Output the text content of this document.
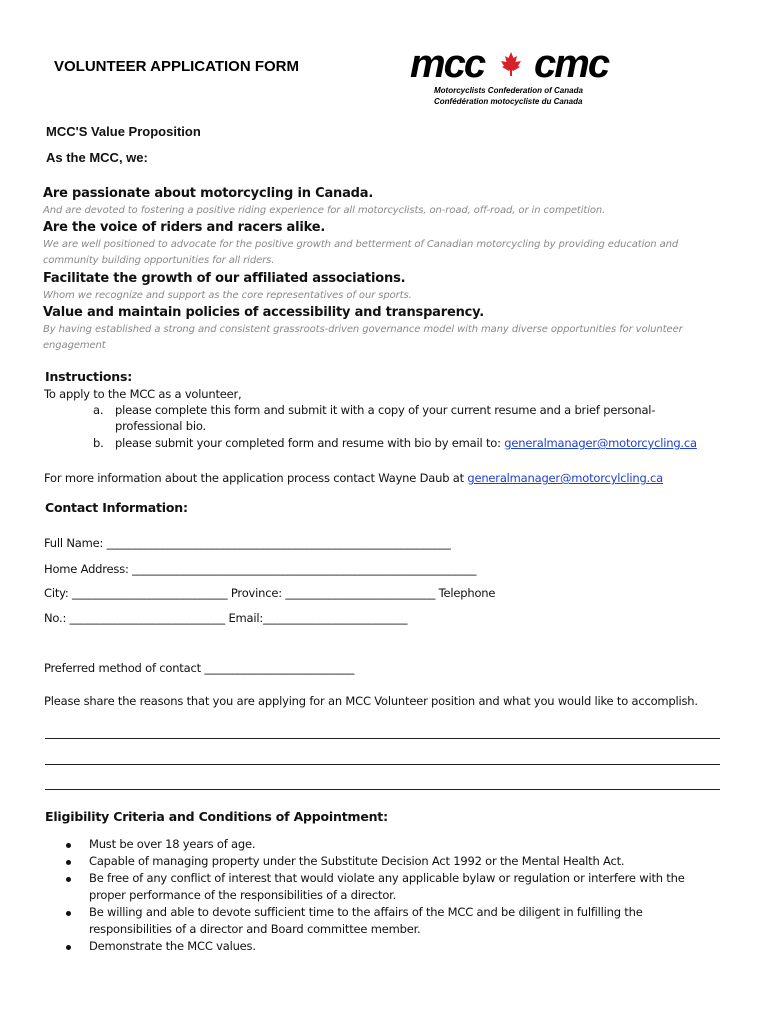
VOLUNTEER APPLICATION FORM	mcc cmc
Motorcyclists Confederation of Canada
Confédération motocycliste du Canada
MCC'S Value Proposition
As the MCC, we:
Are passionate about motorcycling in Canada.
And are devoted to fostering a positive riding experience for all motorcyclists, on-road, off-road, or in competition.
Are the voice of riders and racers alike.
We are well positioned to advocate for the positive growth and betterment of Canadian motorcycling by providing education and
community building opportunities for all riders.
Facilitate the growth of our affiliated associations.
Whom we recognize and support as the core representatives of our sports.
Value and maintain policies of accessibility and transparency.
By having established a strong and consistent grassroots-driven governance model with many diverse opportunities for volunteer
engagement
Instructions:
To apply to the MCC as a volunteer,
a. please complete this form and submit it with a copy of your current resume and a brief personal-
professional bio.
b. please submit your completed form and resume with bio by email to: generalmanager@motorcycling.ca
For more information about the application process contact Wayne Daub at generalmanager@motorcylcling.ca
Contact Information:
Full Name: ______________________________________________________________
Home Address: ______________________________________________________________
City: ____________________________ Province: ___________________________ Telephone
No.: ____________________________ Email:__________________________
Preferred method of contact ___________________________
Please share the reasons that you are applying for an MCC Volunteer position and what you would like to accomplish.
Eligibility Criteria and Conditions of Appointment:
Must be over 18 years of age.
Capable of managing property under the Substitute Decision Act 1992 or the Mental Health Act.
Be free of any conflict of interest that would violate any applicable bylaw or regulation or interfere with the
proper performance of the responsibilities of a director.
Be willing and able to devote sufficient time to the affairs of the MCC and be diligent in fulfilling the
responsibilities of a director and Board committee member.
Demonstrate the MCC values.
